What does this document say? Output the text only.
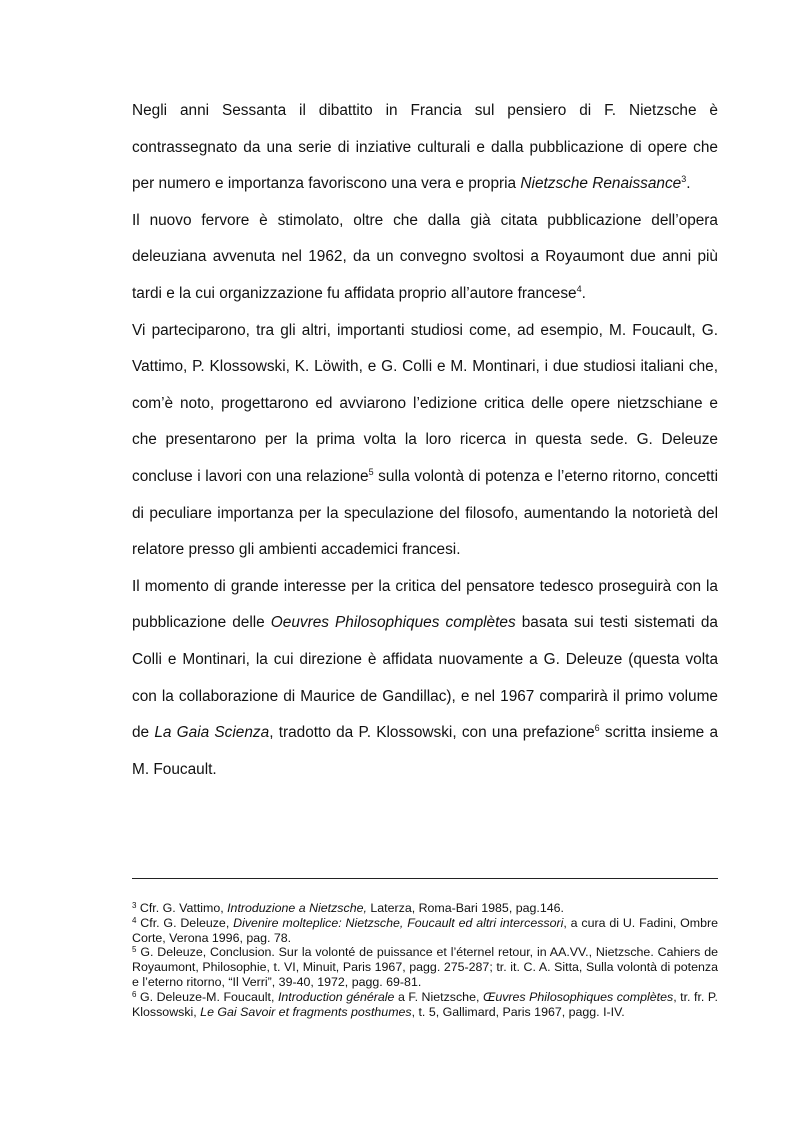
Negli anni Sessanta il dibattito in Francia sul pensiero di F. Nietzsche è contrassegnato da una serie di inziative culturali e dalla pubblicazione di opere che per numero e importanza favoriscono una vera e propria Nietzsche Renaissance$^3$.

Il nuovo fervore è stimolato, oltre che dalla già citata pubblicazione dell’opera deleuziana avvenuta nel 1962, da un convegno svoltosi a Royaumont due anni più tardi e la cui organizzazione fu affidata proprio all’autore francese$^4$.

Vi parteciparono, tra gli altri, importanti studiosi come, ad esempio, M. Foucault, G. Vattimo, P. Klossowski, K. Löwith, e G. Colli e M. Montinari, i due studiosi italiani che, com’è noto, progettarono ed avviarono l’edizione critica delle opere nietzschiane e che presentarono per la prima volta la loro ricerca in questa sede. G. Deleuze concluse i lavori con una relazione$^5$ sulla volontà di potenza e l’eterno ritorno, concetti di peculiare importanza per la speculazione del filosofo, aumentando la notorietà del relatore presso gli ambienti accademici francesi.

Il momento di grande interesse per la critica del pensatore tedesco proseguirà con la pubblicazione delle Oeuvres Philosophiques complètes basata sui testi sistemati da Colli e Montinari, la cui direzione è affidata nuovamente a G. Deleuze (questa volta con la collaborazione di Maurice de Gandillac), e nel 1967 comparirà il primo volume de La Gaia Scienza, tradotto da P. Klossowski, con una prefazione$^6$ scritta insieme a M. Foucault.

$^3$ Cfr. G. Vattimo, Introduzione a Nietzsche, Laterza, Roma-Bari 1985, pag.146.

$^4$ Cfr. G. Deleuze, Divenire molteplice: Nietzsche, Foucault ed altri intercessori, a cura di U. Fadini, Ombre Corte, Verona 1996, pag. 78.

$^5$ G. Deleuze, Conclusion. Sur la volonté de puissance et l’éternel retour, in AA.VV., Nietzsche. Cahiers de Royaumont, Philosophie, t. VI, Minuit, Paris 1967, pagg. 275-287; tr. it. C. A. Sitta, Sulla volontà di potenza e l’eterno ritorno, “Il Verri”, 39-40, 1972, pagg. 69-81.

$^6$ G. Deleuze-M. Foucault, Introduction générale a F. Nietzsche, Œuvres Philosophiques complètes, tr. fr. P. Klossowski, Le Gai Savoir et fragments posthumes, t. 5, Gallimard, Paris 1967, pagg. I-IV.
